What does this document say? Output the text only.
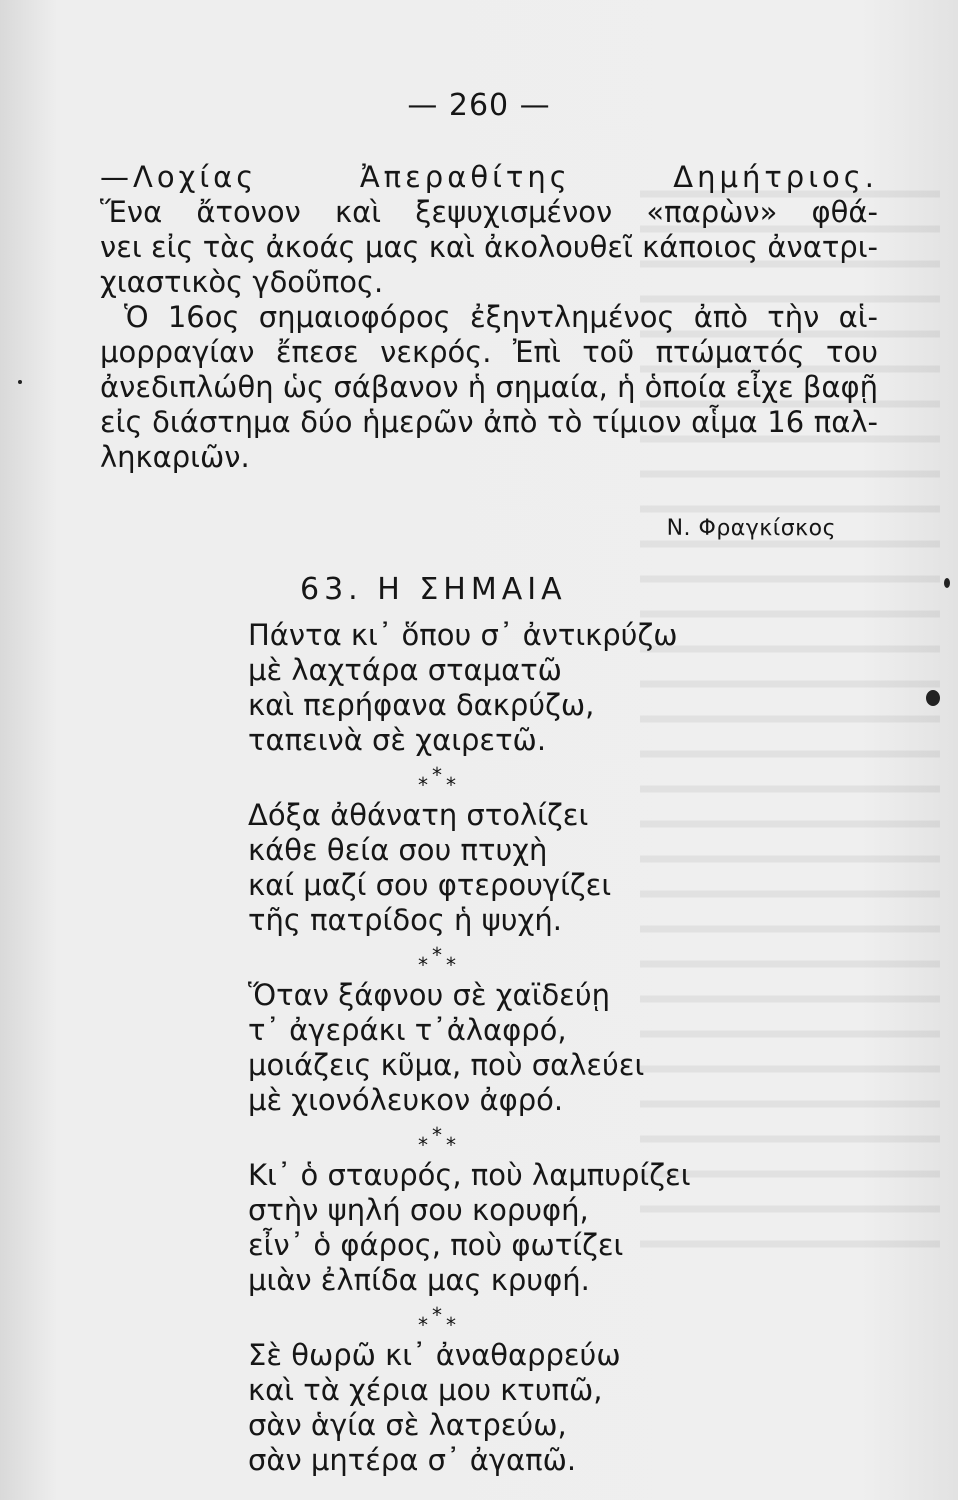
— 260 —
—Λοχίας Ἀπεραθίτης Δημήτριος.
Ἕνα ἄτονον καὶ ξεψυχισμένον «παρὼν» φθά-
νει εἰς τὰς ἀκοάς μας καὶ ἀκολουθεῖ κάποιος ἀνατρι-
χιαστικὸς γδοῦπος.
Ὁ 16ος σημαιοφόρος ἐξηντλημένος ἀπὸ τὴν αἱ-
μορραγίαν ἔπεσε νεκρός. Ἐπὶ τοῦ πτώματός του
ἀνεδιπλώθη ὡς σάβανον ἡ σημαία, ἡ ὁποία εἶχε βαφῇ
εἰς διάστημα δύο ἡμερῶν ἀπὸ τὸ τίμιον αἷμα 16 παλ-
ληκαριῶν.
Ν. Φραγκίσκος
63. Η ΣΗΜΑΙΑ
Πάντα κι᾽ ὅπου σ᾽ ἀντικρύζω
μὲ λαχτάρα σταματῶ
καὶ περήφανα δακρύζω,
ταπεινὰ σὲ χαιρετῶ.
* * *
Δόξα ἀθάνατη στολίζει
κάθε θεία σου πτυχὴ
καί μαζί σου φτερουγίζει
τῆς πατρίδος ἡ ψυχή.
* * *
Ὅταν ξάφνου σὲ χαϊδεύῃ
τ᾽ ἀγεράκι τ᾽ἀλαφρό,
μοιάζεις κῦμα, ποὺ σαλεύει
μὲ χιονόλευκον ἀφρό.
* * *
Κι᾽ ὁ σταυρός, ποὺ λαμπυρίζει
στὴν ψηλή σου κορυφή,
εἶν᾽ ὁ φάρος, ποὺ φωτίζει
μιὰν ἐλπίδα μας κρυφή.
* * *
Σὲ θωρῶ κι᾽ ἀναθαρρεύω
καὶ τὰ χέρια μου κτυπῶ,
σὰν ἁγία σὲ λατρεύω,
σὰν μητέρα σ᾽ ἀγαπῶ.
